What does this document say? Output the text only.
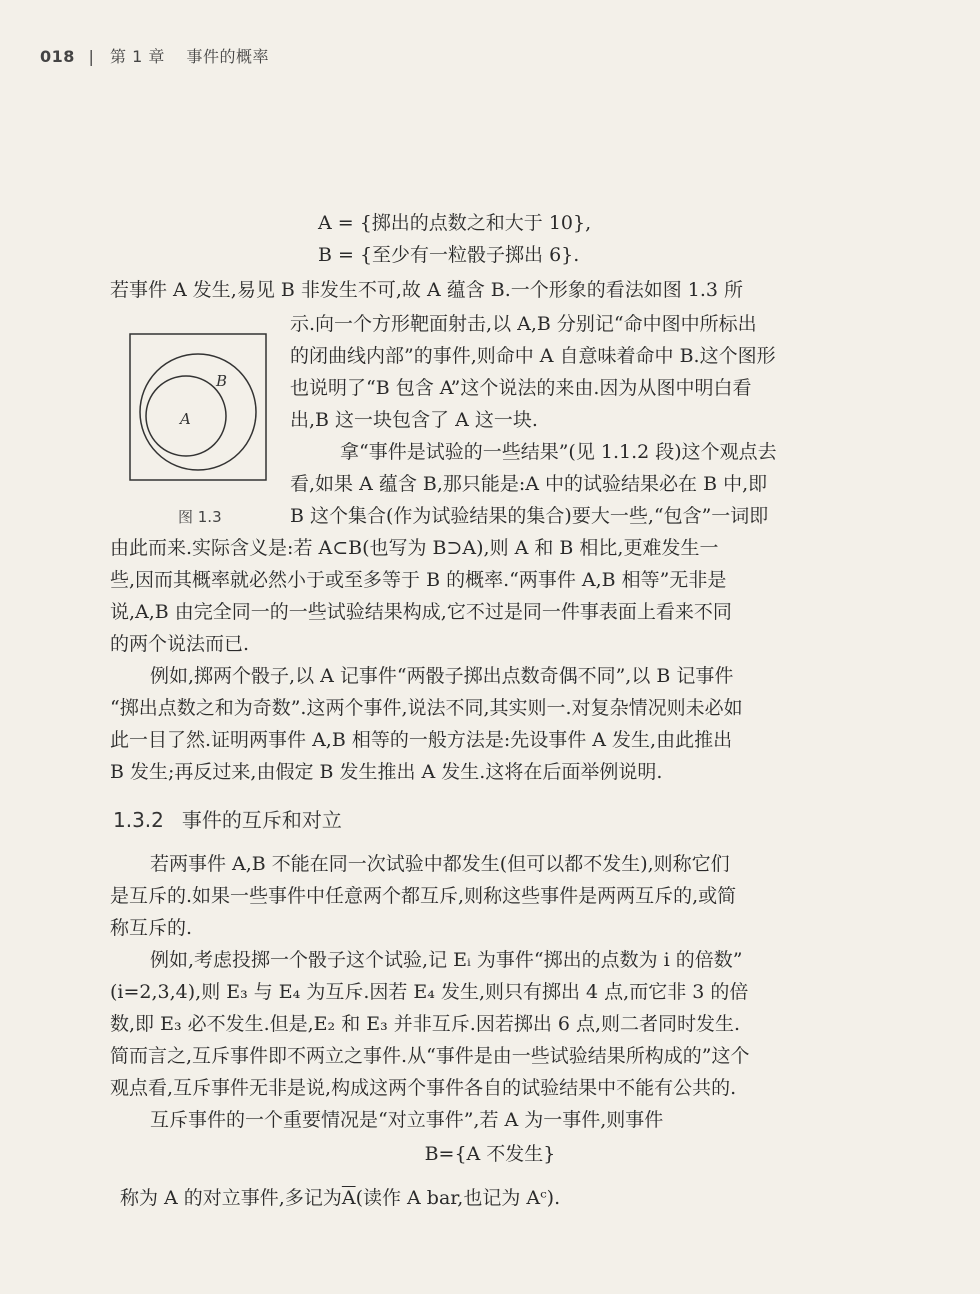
018 | 第 1 章 事件的概率
A = {掷出的点数之和大于 10},
B = {至少有一粒骰子掷出 6}.
若事件 A 发生,易见 B 非发生不可,故 A 蕴含 B.一个形象的看法如图 1.3 所
示.向一个方形靶面射击,以 A,B 分别记“命中图中所标出
的闭曲线内部”的事件,则命中 A 自意味着命中 B.这个图形
也说明了“B 包含 A”这个说法的来由.因为从图中明白看
出,B 这一块包含了 A 这一块.
B
A
图 1.3
拿“事件是试验的一些结果”(见 1.1.2 段)这个观点去
看,如果 A 蕴含 B,那只能是:A 中的试验结果必在 B 中,即
B 这个集合(作为试验结果的集合)要大一些,“包含”一词即
由此而来.实际含义是:若 A⊂B(也写为 B⊃A),则 A 和 B 相比,更难发生一
些,因而其概率就必然小于或至多等于 B 的概率.“两事件 A,B 相等”无非是
说,A,B 由完全同一的一些试验结果构成,它不过是同一件事表面上看来不同
的两个说法而已.
例如,掷两个骰子,以 A 记事件“两骰子掷出点数奇偶不同”,以 B 记事件
“掷出点数之和为奇数”.这两个事件,说法不同,其实则一.对复杂情况则未必如
此一目了然.证明两事件 A,B 相等的一般方法是:先设事件 A 发生,由此推出
B 发生;再反过来,由假定 B 发生推出 A 发生.这将在后面举例说明.
1.3.2 事件的互斥和对立
若两事件 A,B 不能在同一次试验中都发生(但可以都不发生),则称它们
是互斥的.如果一些事件中任意两个都互斥,则称这些事件是两两互斥的,或简
称互斥的.
例如,考虑投掷一个骰子这个试验,记 Eᵢ 为事件“掷出的点数为 i 的倍数”
(i=2,3,4),则 E₃ 与 E₄ 为互斥.因若 E₄ 发生,则只有掷出 4 点,而它非 3 的倍
数,即 E₃ 必不发生.但是,E₂ 和 E₃ 并非互斥.因若掷出 6 点,则二者同时发生.
简而言之,互斥事件即不两立之事件.从“事件是由一些试验结果所构成的”这个
观点看,互斥事件无非是说,构成这两个事件各自的试验结果中不能有公共的.
互斥事件的一个重要情况是“对立事件”,若 A 为一事件,则事件
B={A 不发生}
称为 A 的对立事件,多记为$\overline{A}$(读作 A bar,也记为 Aᶜ).
